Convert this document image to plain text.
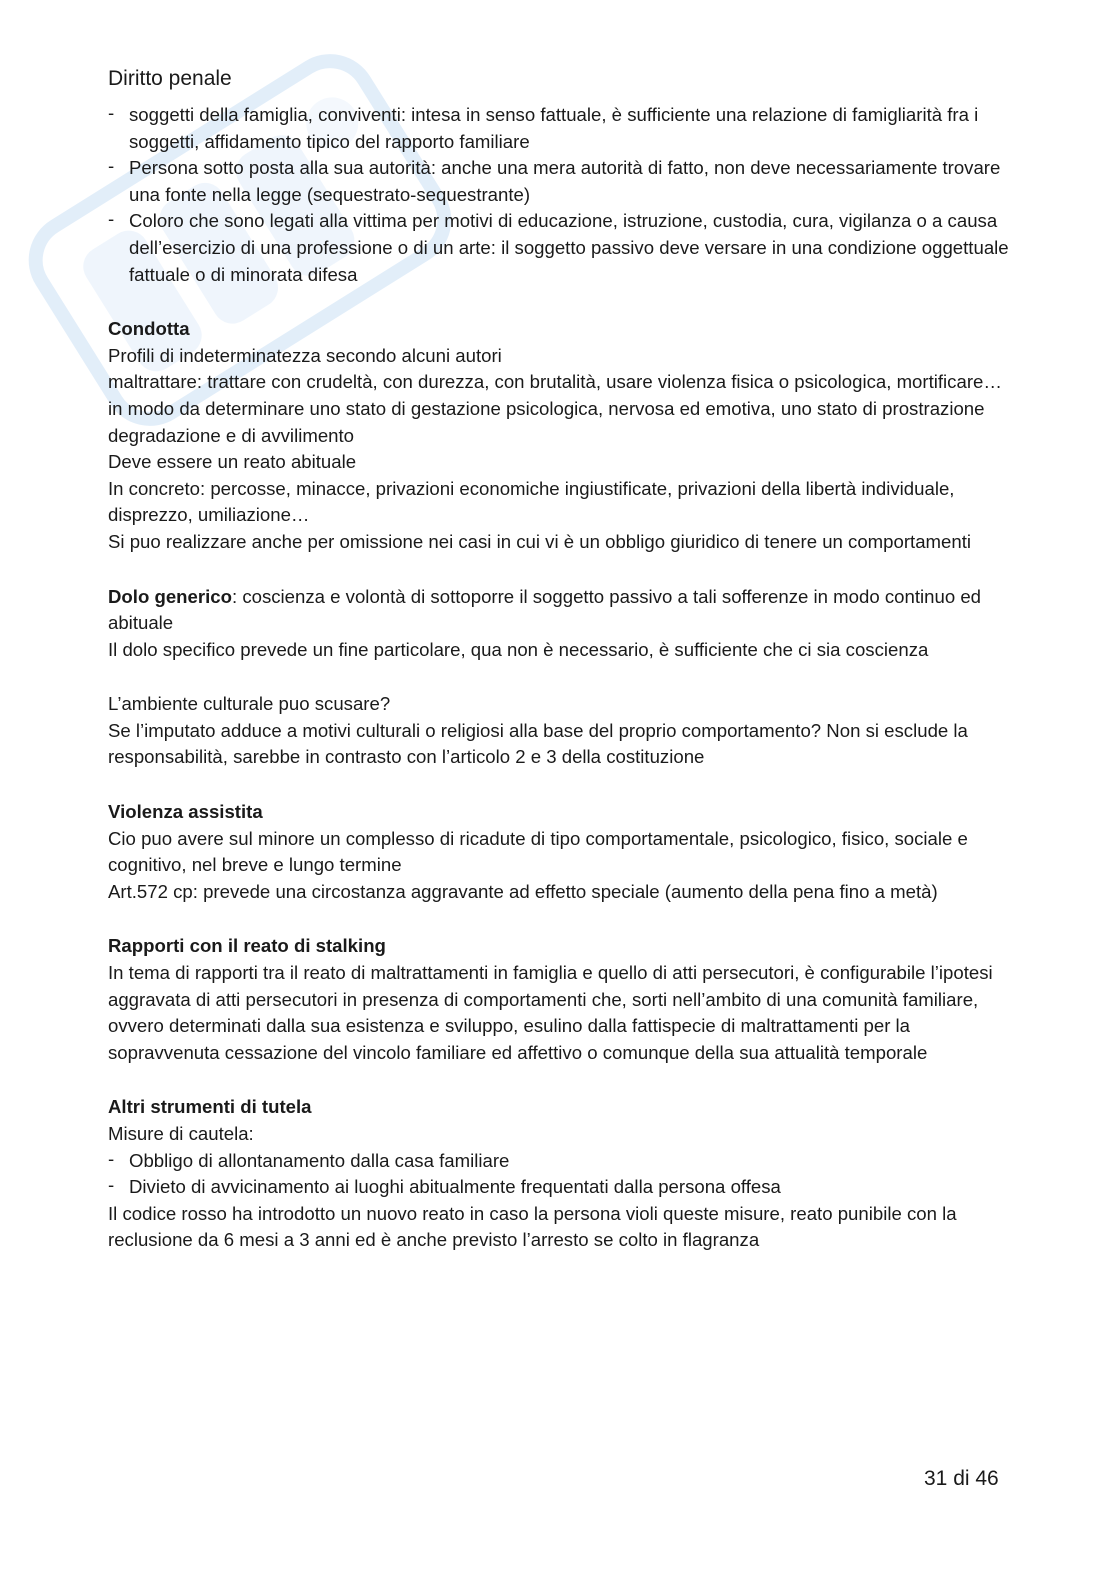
Diritto penale
- soggetti della famiglia, conviventi: intesa in senso fattuale, è sufficiente una relazione di famigliarità fra i soggetti, affidamento tipico del rapporto familiare
- Persona sotto posta alla sua autorità: anche una mera autorità di fatto, non deve necessariamente trovare una fonte nella legge (sequestrato-sequestrante)
- Coloro che sono legati alla vittima per motivi di educazione, istruzione, custodia, cura, vigilanza o a causa dell’esercizio di una professione o di un arte: il soggetto passivo deve versare in una condizione oggettuale fattuale o di minorata difesa

Condotta

Profili di indeterminatezza secondo alcuni autori

maltrattare: trattare con crudeltà, con durezza, con brutalità, usare violenza fisica o psicologica, mortificare… in modo da determinare uno stato di gestazione psicologica, nervosa ed emotiva, uno stato di prostrazione degradazione e di avvilimento

Deve essere un reato abituale

In concreto: percosse, minacce, privazioni economiche ingiustificate, privazioni della libertà individuale, disprezzo, umiliazione…

Si puo realizzare anche per omissione nei casi in cui vi è un obbligo giuridico di tenere un comportamenti

Dolo generico: coscienza e volontà di sottoporre il soggetto passivo a tali sofferenze in modo continuo ed abituale

Il dolo specifico prevede un fine particolare, qua non è necessario, è sufficiente che ci sia coscienza

L’ambiente culturale puo scusare?

Se l’imputato adduce a motivi culturali o religiosi alla base del proprio comportamento? Non si esclude la responsabilità, sarebbe in contrasto con l’articolo 2 e 3 della costituzione

Violenza assistita

Cio puo avere sul minore un complesso di ricadute di tipo comportamentale, psicologico, fisico, sociale e cognitivo, nel breve e lungo termine

Art.572 cp: prevede una circostanza aggravante ad effetto speciale (aumento della pena fino a metà)

Rapporti con il reato di stalking

In tema di rapporti tra il reato di maltrattamenti in famiglia e quello di atti persecutori, è configurabile l’ipotesi aggravata di atti persecutori in presenza di comportamenti che, sorti nell’ambito di una comunità familiare, ovvero determinati dalla sua esistenza e sviluppo, esulino dalla fattispecie di maltrattamenti per la sopravvenuta cessazione del vincolo familiare ed affettivo o comunque della sua attualità temporale

Altri strumenti di tutela

Misure di cautela:

- Obbligo di allontanamento dalla casa familiare
- Divieto di avvicinamento ai luoghi abitualmente frequentati dalla persona offesa

Il codice rosso ha introdotto un nuovo reato in caso la persona violi queste misure, reato punibile con la reclusione da 6 mesi a 3 anni ed è anche previsto l’arresto se colto in flagranza

31 di 46
